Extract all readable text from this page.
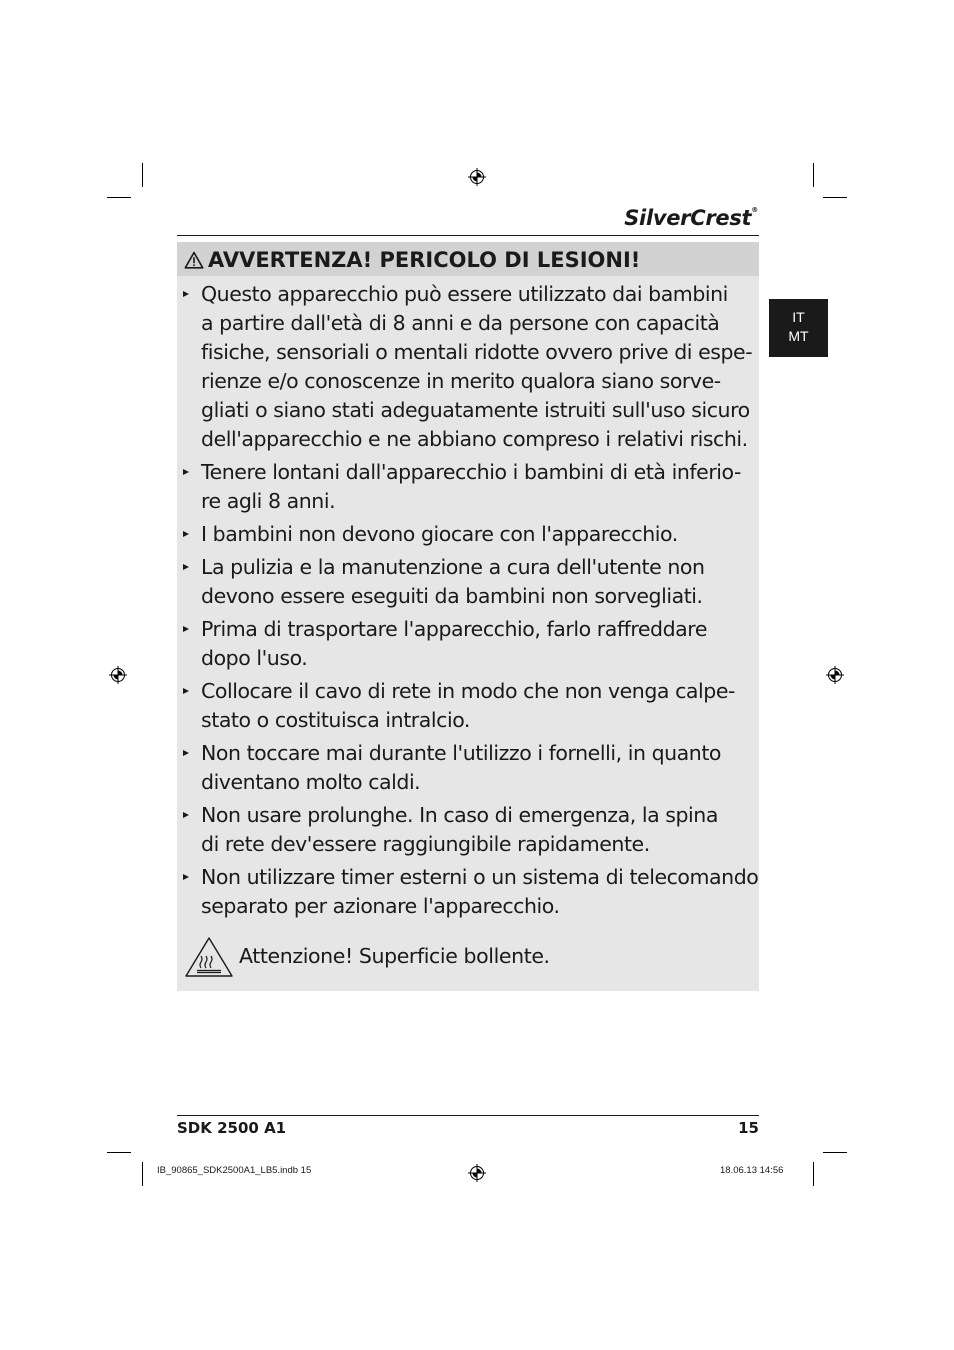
SilverCrest®
IT
MT
AVVERTENZA! PERICOLO DI LESIONI!
Questo apparecchio può essere utilizzato dai bambini
a partire dall'età di 8 anni e da persone con capacità
fisiche, sensoriali o mentali ridotte ovvero prive di espe-
rienze e/o conoscenze in merito qualora siano sorve-
gliati o siano stati adeguatamente istruiti sull'uso sicuro
dell'apparecchio e ne abbiano compreso i relativi rischi.
Tenere lontani dall'apparecchio i bambini di età inferio-
re agli 8 anni.
I bambini non devono giocare con l'apparecchio.
La pulizia e la manutenzione a cura dell'utente non
devono essere eseguiti da bambini non sorvegliati.
Prima di trasportare l'apparecchio, farlo raffreddare
dopo l'uso.
Collocare il cavo di rete in modo che non venga calpe-
stato o costituisca intralcio.
Non toccare mai durante l'utilizzo i fornelli, in quanto
diventano molto caldi.
Non usare prolunghe. In caso di emergenza, la spina
di rete dev'essere raggiungibile rapidamente.
Non utilizzare timer esterni o un sistema di telecomando
separato per azionare l'apparecchio.
Attenzione! Superficie bollente.
SDK 2500 A1	15
IB_90865_SDK2500A1_LB5.indb 15	18.06.13 14:56
